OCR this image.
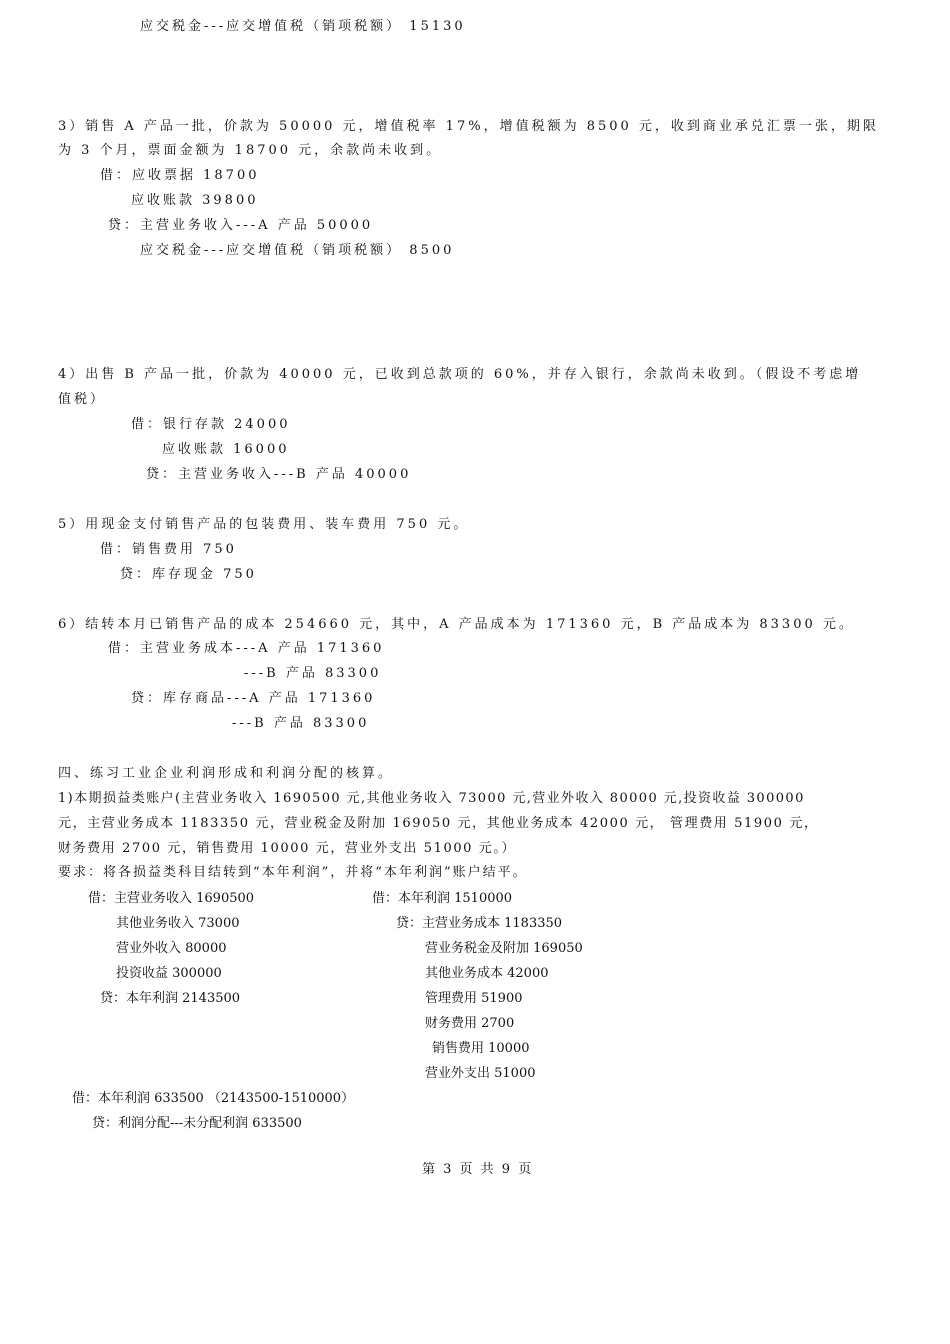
应交税金---应交增值税（销项税额） 15130
3）销售 A 产品一批，价款为 50000 元，增值税率 17%，增值税额为 8500 元，收到商业承兑汇票一张，期限
为 3 个月，票面金额为 18700 元，余款尚未收到。
借：应收票据 18700
应收账款 39800
贷：主营业务收入---A 产品 50000
应交税金---应交增值税（销项税额） 8500
4）出售 B 产品一批，价款为 40000 元，已收到总款项的 60%，并存入银行，余款尚未收到。（假设不考虑增
值税）
借：银行存款 24000
应收账款 16000
贷：主营业务收入---B 产品 40000
5）用现金支付销售产品的包装费用、装车费用 750 元。
借：销售费用 750
贷：库存现金 750
6）结转本月已销售产品的成本 254660 元，其中，A 产品成本为 171360 元，B 产品成本为 83300 元。
借：主营业务成本---A 产品 171360
---B 产品 83300
贷：库存商品---A 产品 171360
---B 产品 83300
四、练习工业企业利润形成和利润分配的核算。
1)本期损益类账户(主营业务收入 1690500 元,其他业务收入 73000 元,营业外收入 80000 元,投资收益 300000
元，主营业务成本 1183350 元，营业税金及附加 169050 元，其他业务成本 42000 元， 管理费用 51900 元，
财务费用 2700 元，销售费用 10000 元，营业外支出 51000 元。）
要求：将各损益类科目结转到“本年利润”，并将“本年利润”账户结平。
借：主营业务收入 1690500
其他业务收入 73000
营业外收入 80000
投资收益 300000
贷：本年利润 2143500
借：本年利润 1510000
贷：主营业务成本 1183350
营业务税金及附加 169050
其他业务成本 42000
管理费用 51900
财务费用 2700
销售费用 10000
营业外支出 51000
借：本年利润 633500 （2143500-1510000）
贷：利润分配---未分配利润 633500
第 3 页 共 9 页
